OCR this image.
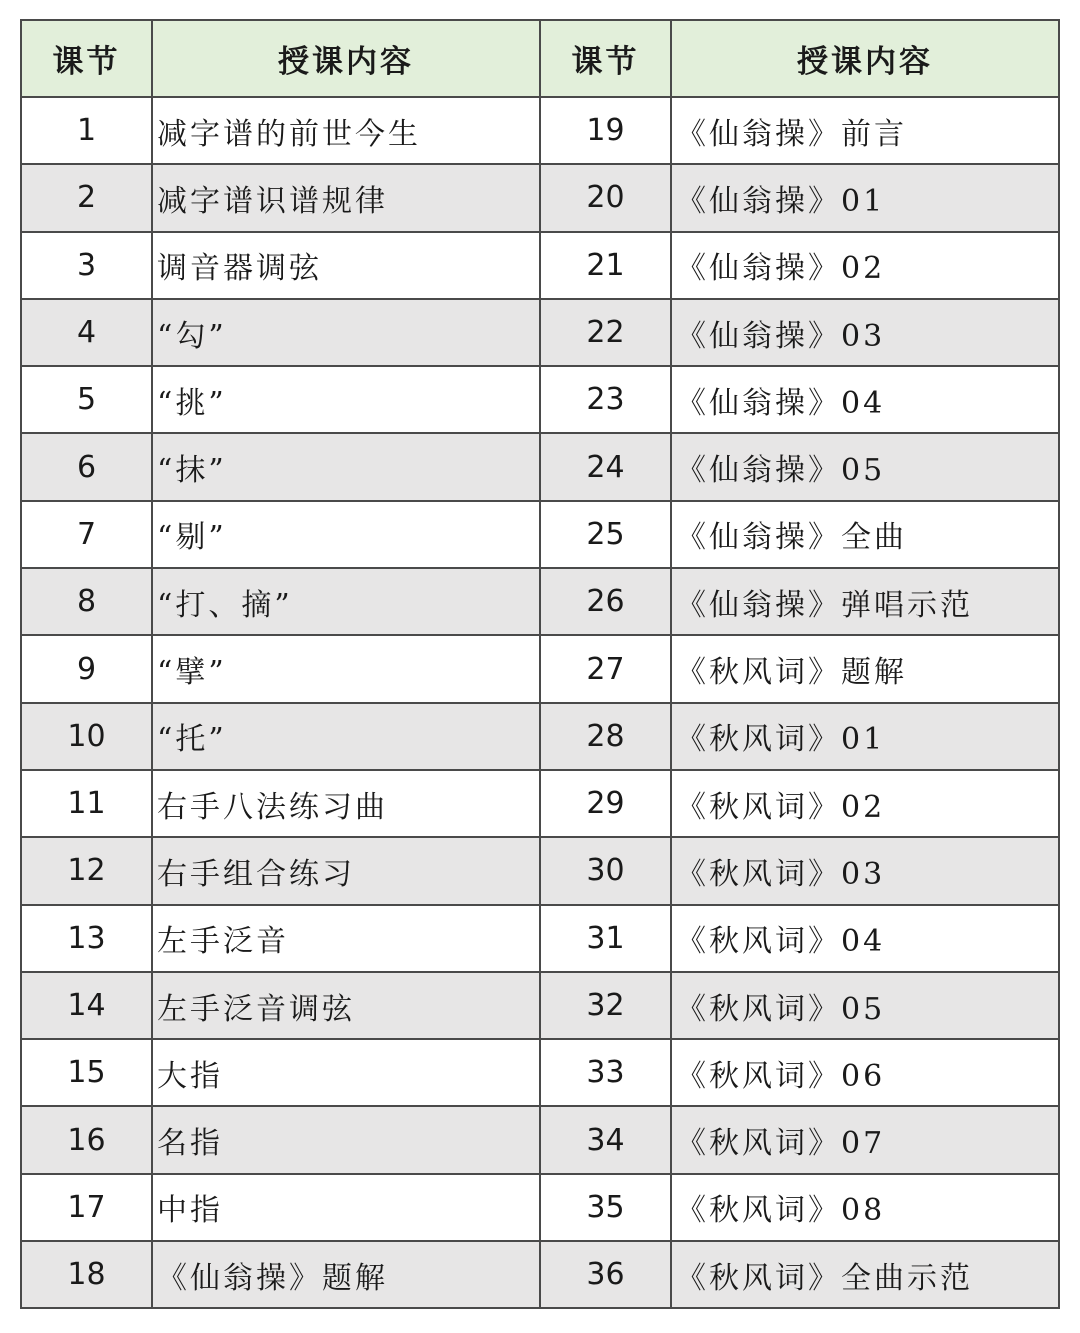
课节	授课内容	课节	授课内容
1	减字谱的前世今生	19	《仙翁操》前言
2	减字谱识谱规律	20	《仙翁操》01
3	调音器调弦	21	《仙翁操》02
4	“勾”	22	《仙翁操》03
5	“挑”	23	《仙翁操》04
6	“抹”	24	《仙翁操》05
7	“剔”	25	《仙翁操》全曲
8	“打、摘”	26	《仙翁操》弹唱示范
9	“擘”	27	《秋风词》题解
10	“托”	28	《秋风词》01
11	右手八法练习曲	29	《秋风词》02
12	右手组合练习	30	《秋风词》03
13	左手泛音	31	《秋风词》04
14	左手泛音调弦	32	《秋风词》05
15	大指	33	《秋风词》06
16	名指	34	《秋风词》07
17	中指	35	《秋风词》08
18	《仙翁操》题解	36	《秋风词》全曲示范
